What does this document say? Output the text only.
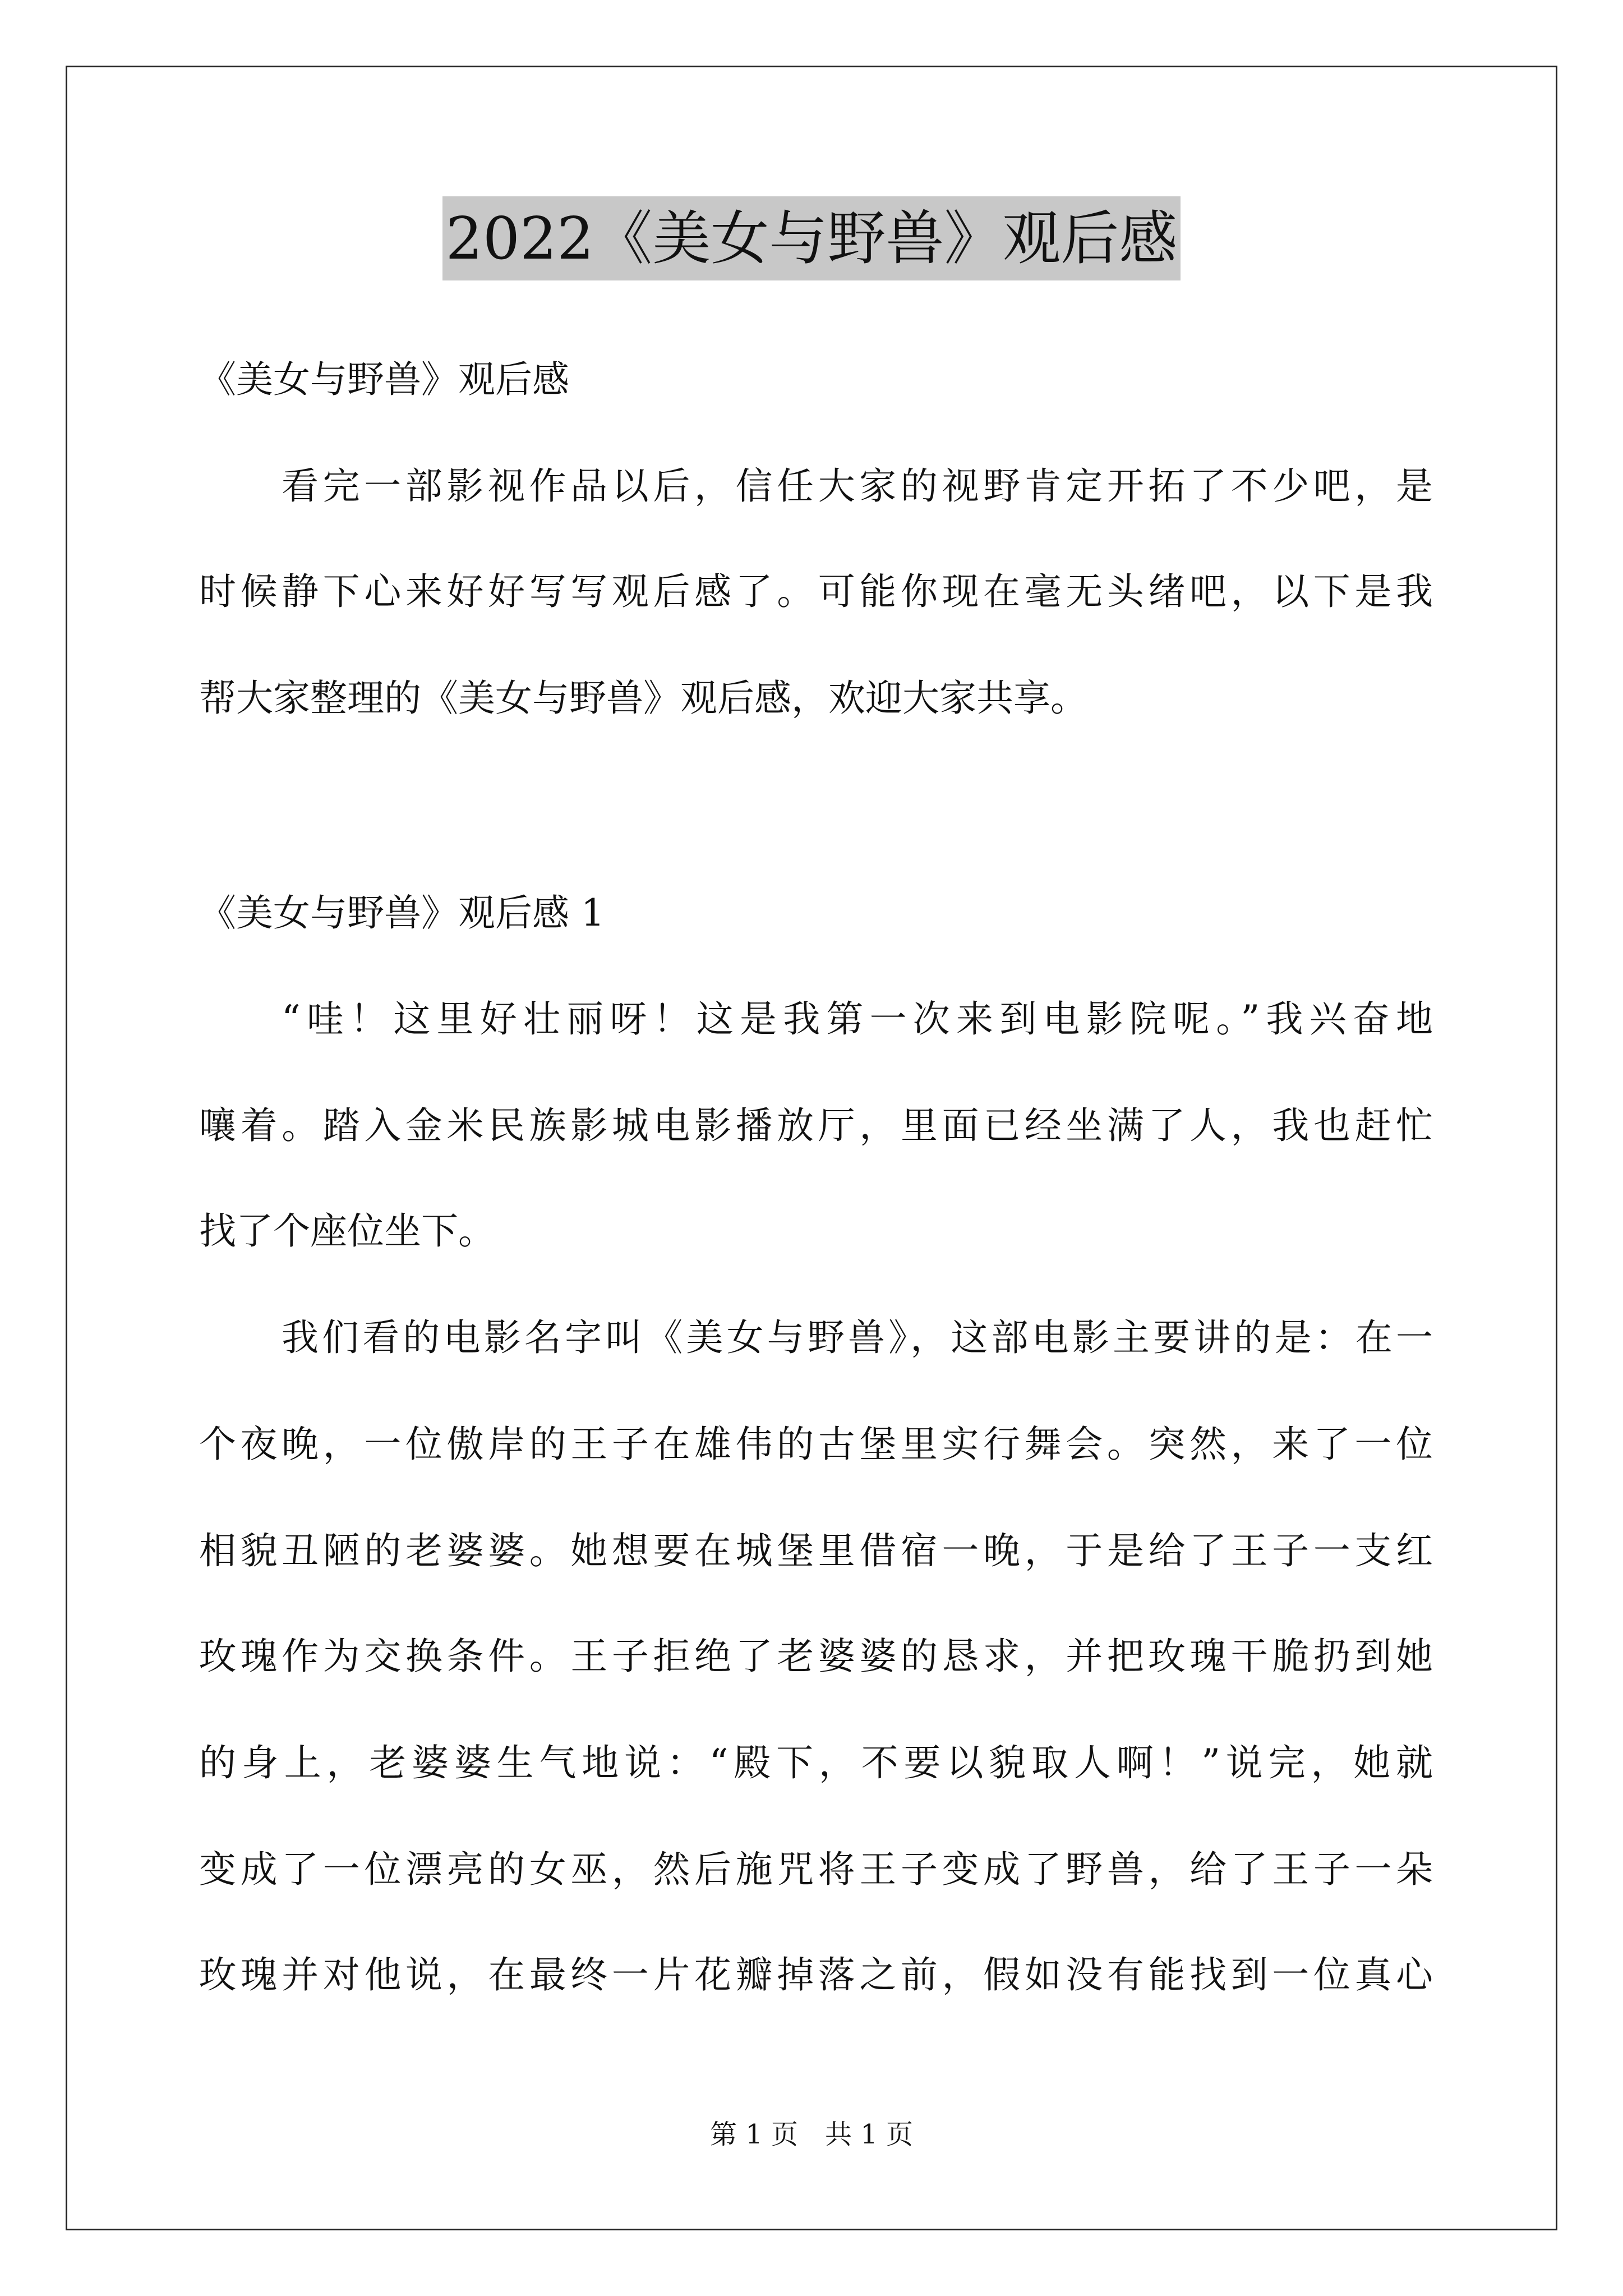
2022《美女与野兽》观后感
《美女与野兽》观后感
看完一部影视作品以后，信任大家的视野肯定开拓了不少吧，是
时候静下心来好好写写观后感了。可能你现在毫无头绪吧，以下是我
帮大家整理的《美女与野兽》观后感，欢迎大家共享。
《美女与野兽》观后感 1
“哇！这里好壮丽呀！这是我第一次来到电影院呢。”我兴奋地
嚷着。踏入金米民族影城电影播放厅，里面已经坐满了人，我也赶忙
找了个座位坐下。
我们看的电影名字叫《美女与野兽》，这部电影主要讲的是：在一
个夜晚，一位傲岸的王子在雄伟的古堡里实行舞会。突然，来了一位
相貌丑陋的老婆婆。她想要在城堡里借宿一晚，于是给了王子一支红
玫瑰作为交换条件。王子拒绝了老婆婆的恳求，并把玫瑰干脆扔到她
的身上，老婆婆生气地说：“殿下，不要以貌取人啊！”说完，她就
变成了一位漂亮的女巫，然后施咒将王子变成了野兽，给了王子一朵
玫瑰并对他说，在最终一片花瓣掉落之前，假如没有能找到一位真心
第 1 页　共 1 页
